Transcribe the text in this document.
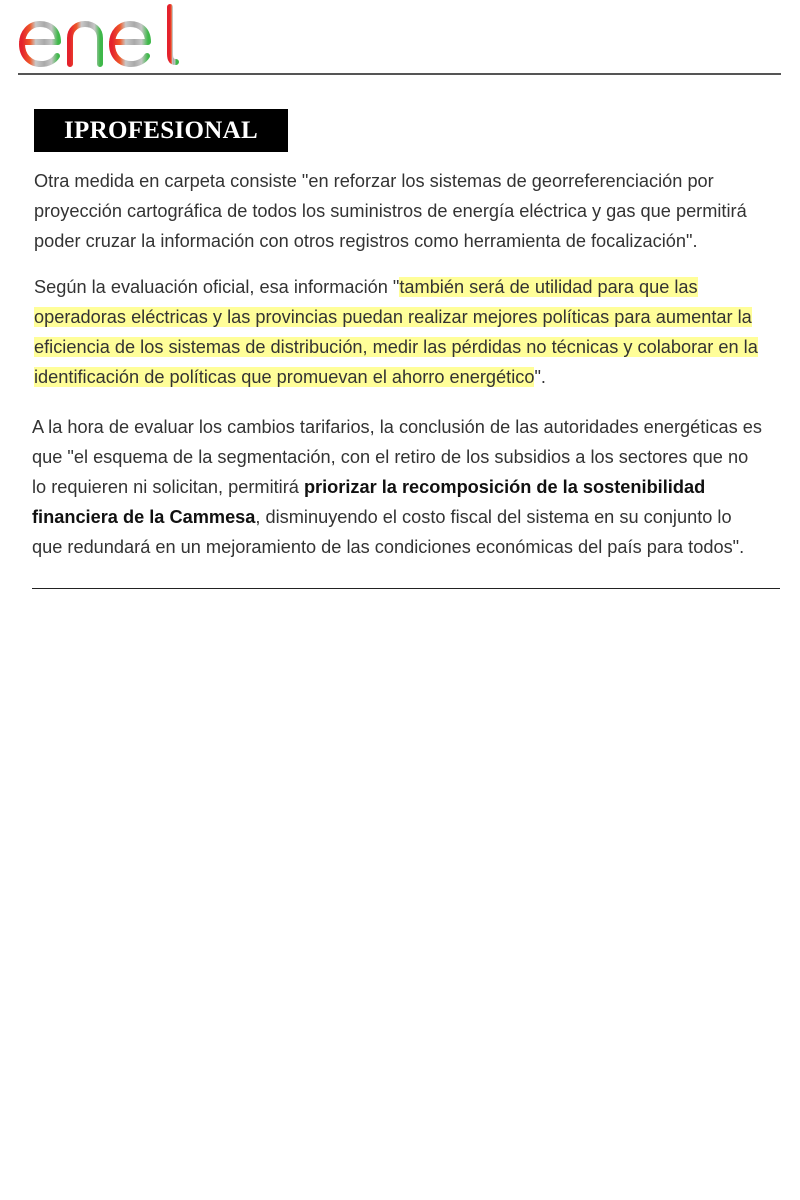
IPROFESIONAL

Otra medida en carpeta consiste "en reforzar los sistemas de georreferenciación por proyección cartográfica de todos los suministros de energía eléctrica y gas que permitirá poder cruzar la información con otros registros como herramienta de focalización".

Según la evaluación oficial, esa información "también será de utilidad para que las operadoras eléctricas y las provincias puedan realizar mejores políticas para aumentar la eficiencia de los sistemas de distribución, medir las pérdidas no técnicas y colaborar en la identificación de políticas que promuevan el ahorro energético".

A la hora de evaluar los cambios tarifarios, la conclusión de las autoridades energéticas es que "el esquema de la segmentación, con el retiro de los subsidios a los sectores que no lo requieren ni solicitan, permitirá priorizar la recomposición de la sostenibilidad financiera de la Cammesa, disminuyendo el costo fiscal del sistema en su conjunto lo que redundará en un mejoramiento de las condiciones económicas del país para todos".
